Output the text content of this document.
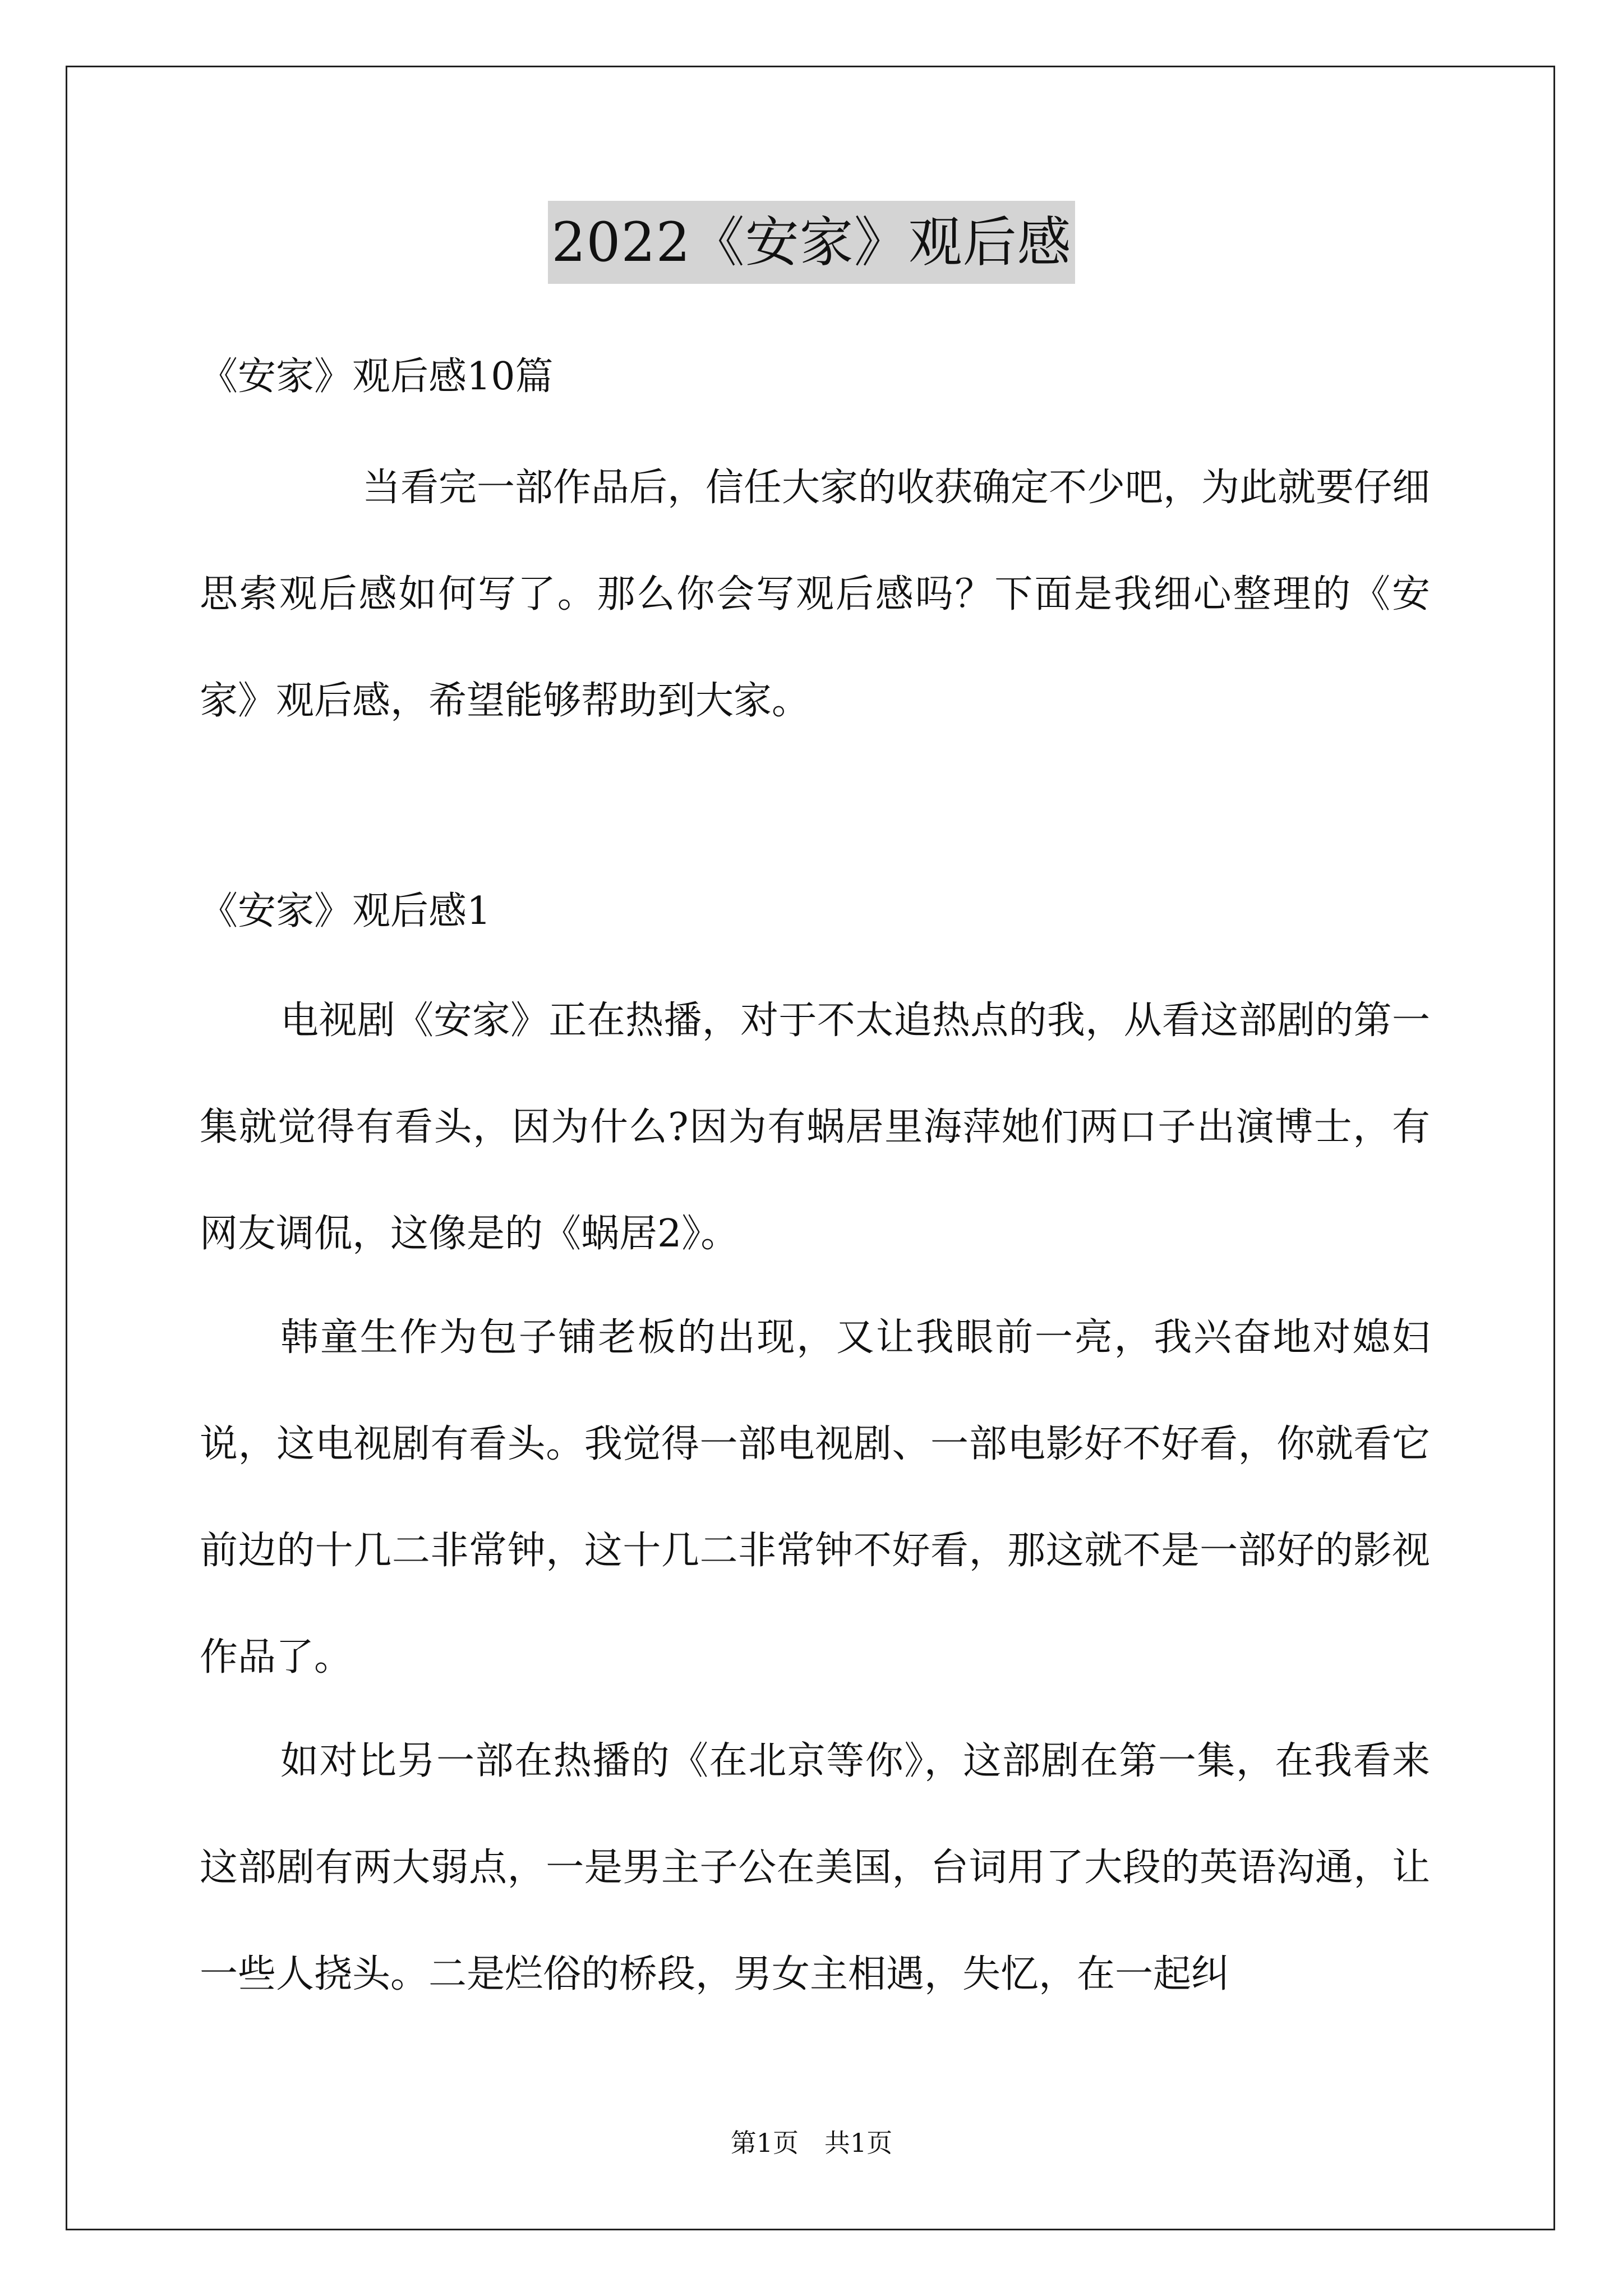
2022《安家》观后感

《安家》观后感10篇

当看完一部作品后，信任大家的收获确定不少吧，为此就要仔细思索观后感如何写了。那么你会写观后感吗？下面是我细心整理的《安家》观后感，希望能够帮助到大家。

《安家》观后感1

电视剧《安家》正在热播，对于不太追热点的我，从看这部剧的第一集就觉得有看头，因为什么?因为有蜗居里海萍她们两口子出演博士，有网友调侃，这像是的《蜗居2》。

韩童生作为包子铺老板的出现，又让我眼前一亮，我兴奋地对媳妇说，这电视剧有看头。我觉得一部电视剧、一部电影好不好看，你就看它前边的十几二非常钟，这十几二非常钟不好看，那这就不是一部好的影视作品了。

如对比另一部在热播的《在北京等你》，这部剧在第一集，在我看来这部剧有两大弱点，一是男主子公在美国，台词用了大段的英语沟通，让一些人挠头。二是烂俗的桥段，男女主相遇，失忆，在一起纠

第1页　共1页
